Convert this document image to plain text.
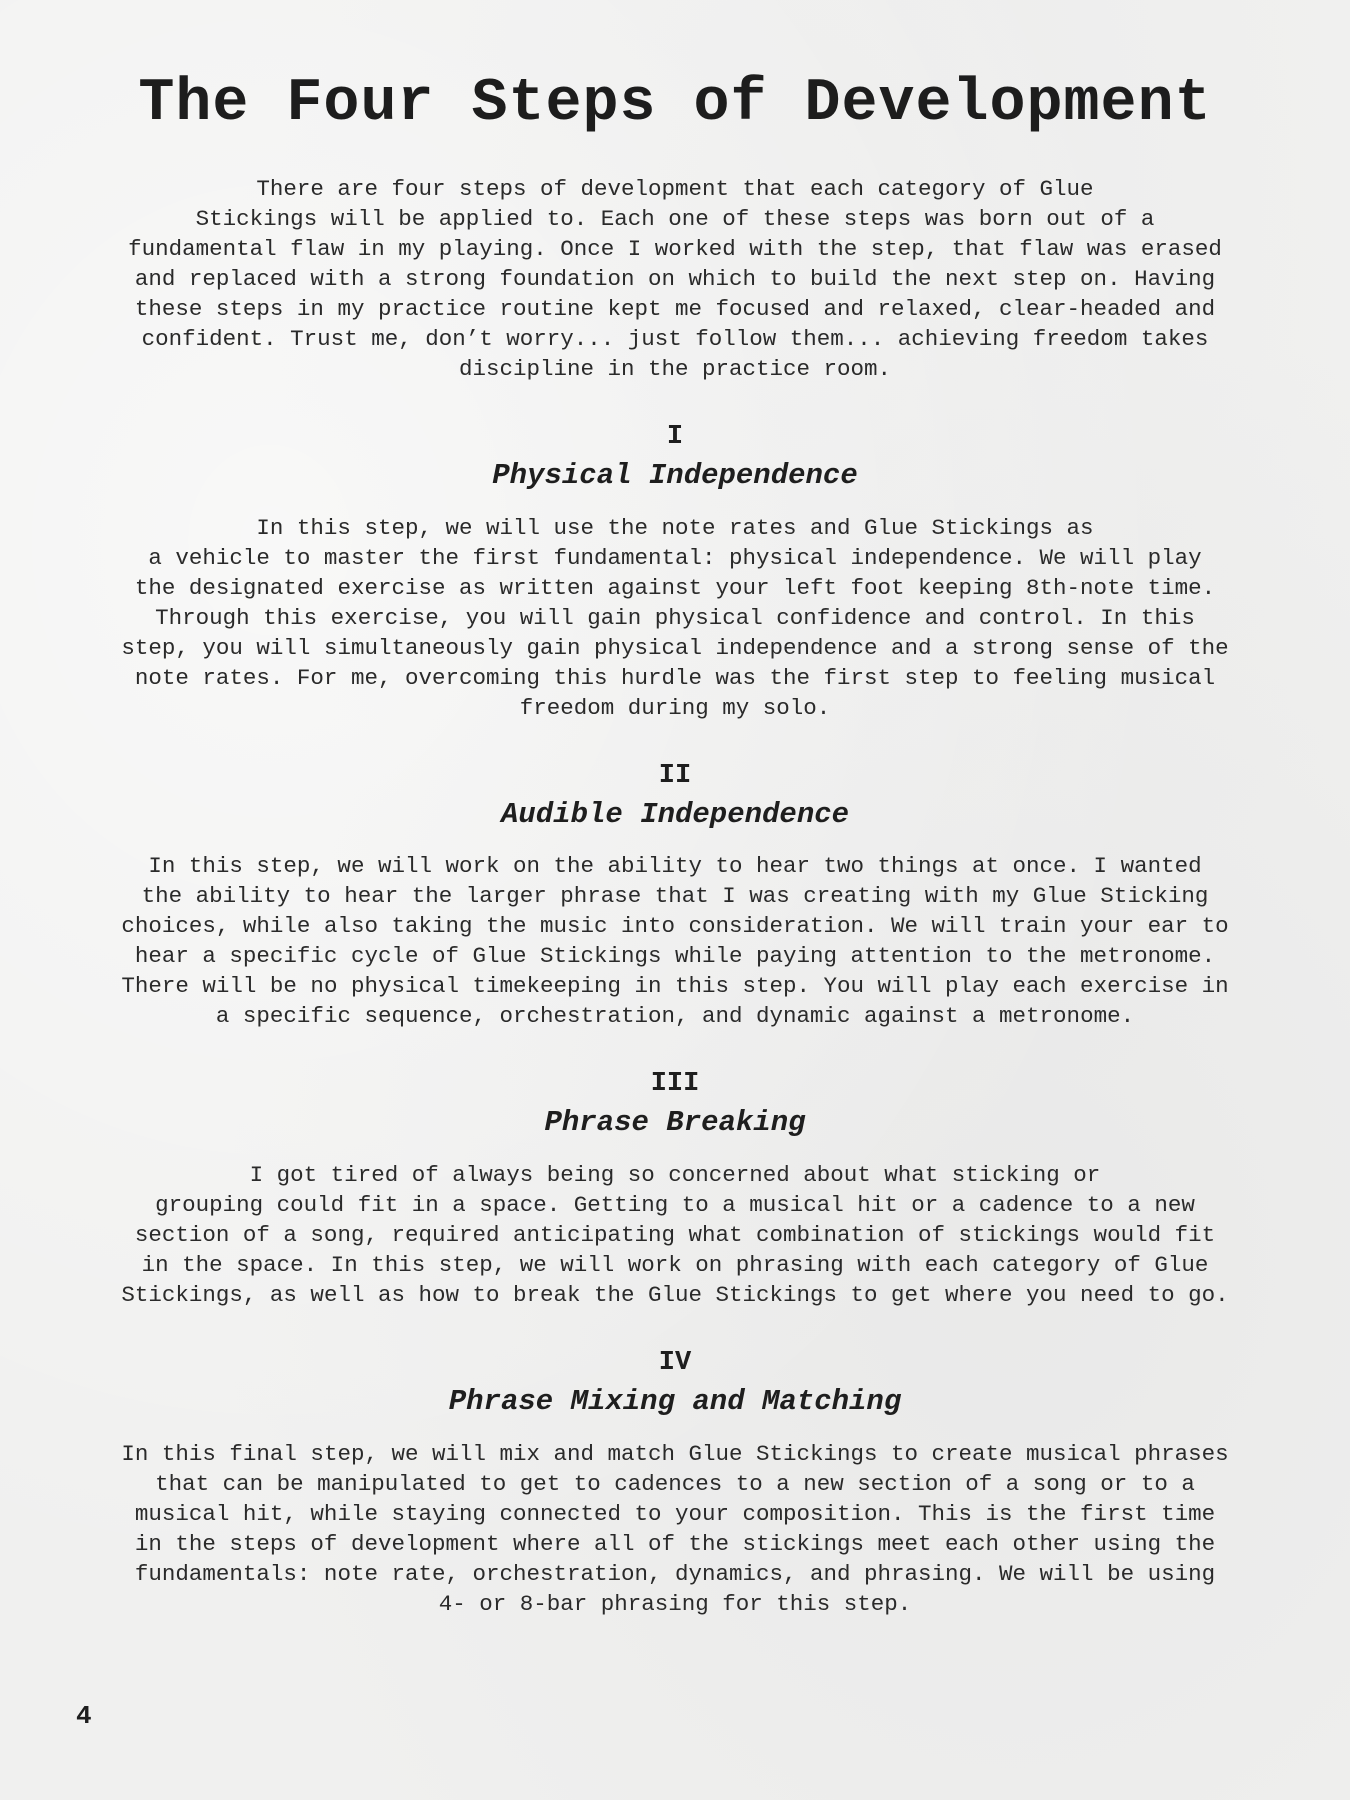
The Four Steps of Development

There are four steps of development that each category of Glue
Stickings will be applied to. Each one of these steps was born out of a
fundamental flaw in my playing. Once I worked with the step, that flaw was erased
and replaced with a strong foundation on which to build the next step on. Having
these steps in my practice routine kept me focused and relaxed, clear-headed and
confident. Trust me, don’t worry... just follow them... achieving freedom takes
discipline in the practice room.

I
Physical Independence

In this step, we will use the note rates and Glue Stickings as
a vehicle to master the first fundamental: physical independence. We will play
the designated exercise as written against your left foot keeping 8th-note time.
Through this exercise, you will gain physical confidence and control. In this
step, you will simultaneously gain physical independence and a strong sense of the
note rates. For me, overcoming this hurdle was the first step to feeling musical
freedom during my solo.

II
Audible Independence

In this step, we will work on the ability to hear two things at once. I wanted
the ability to hear the larger phrase that I was creating with my Glue Sticking
choices, while also taking the music into consideration. We will train your ear to
hear a specific cycle of Glue Stickings while paying attention to the metronome.
There will be no physical timekeeping in this step. You will play each exercise in
a specific sequence, orchestration, and dynamic against a metronome.

III
Phrase Breaking

I got tired of always being so concerned about what sticking or
grouping could fit in a space. Getting to a musical hit or a cadence to a new
section of a song, required anticipating what combination of stickings would fit
in the space. In this step, we will work on phrasing with each category of Glue
Stickings, as well as how to break the Glue Stickings to get where you need to go.

IV
Phrase Mixing and Matching

In this final step, we will mix and match Glue Stickings to create musical phrases
that can be manipulated to get to cadences to a new section of a song or to a
musical hit, while staying connected to your composition. This is the first time
in the steps of development where all of the stickings meet each other using the
fundamentals: note rate, orchestration, dynamics, and phrasing. We will be using
4- or 8-bar phrasing for this step.

4
